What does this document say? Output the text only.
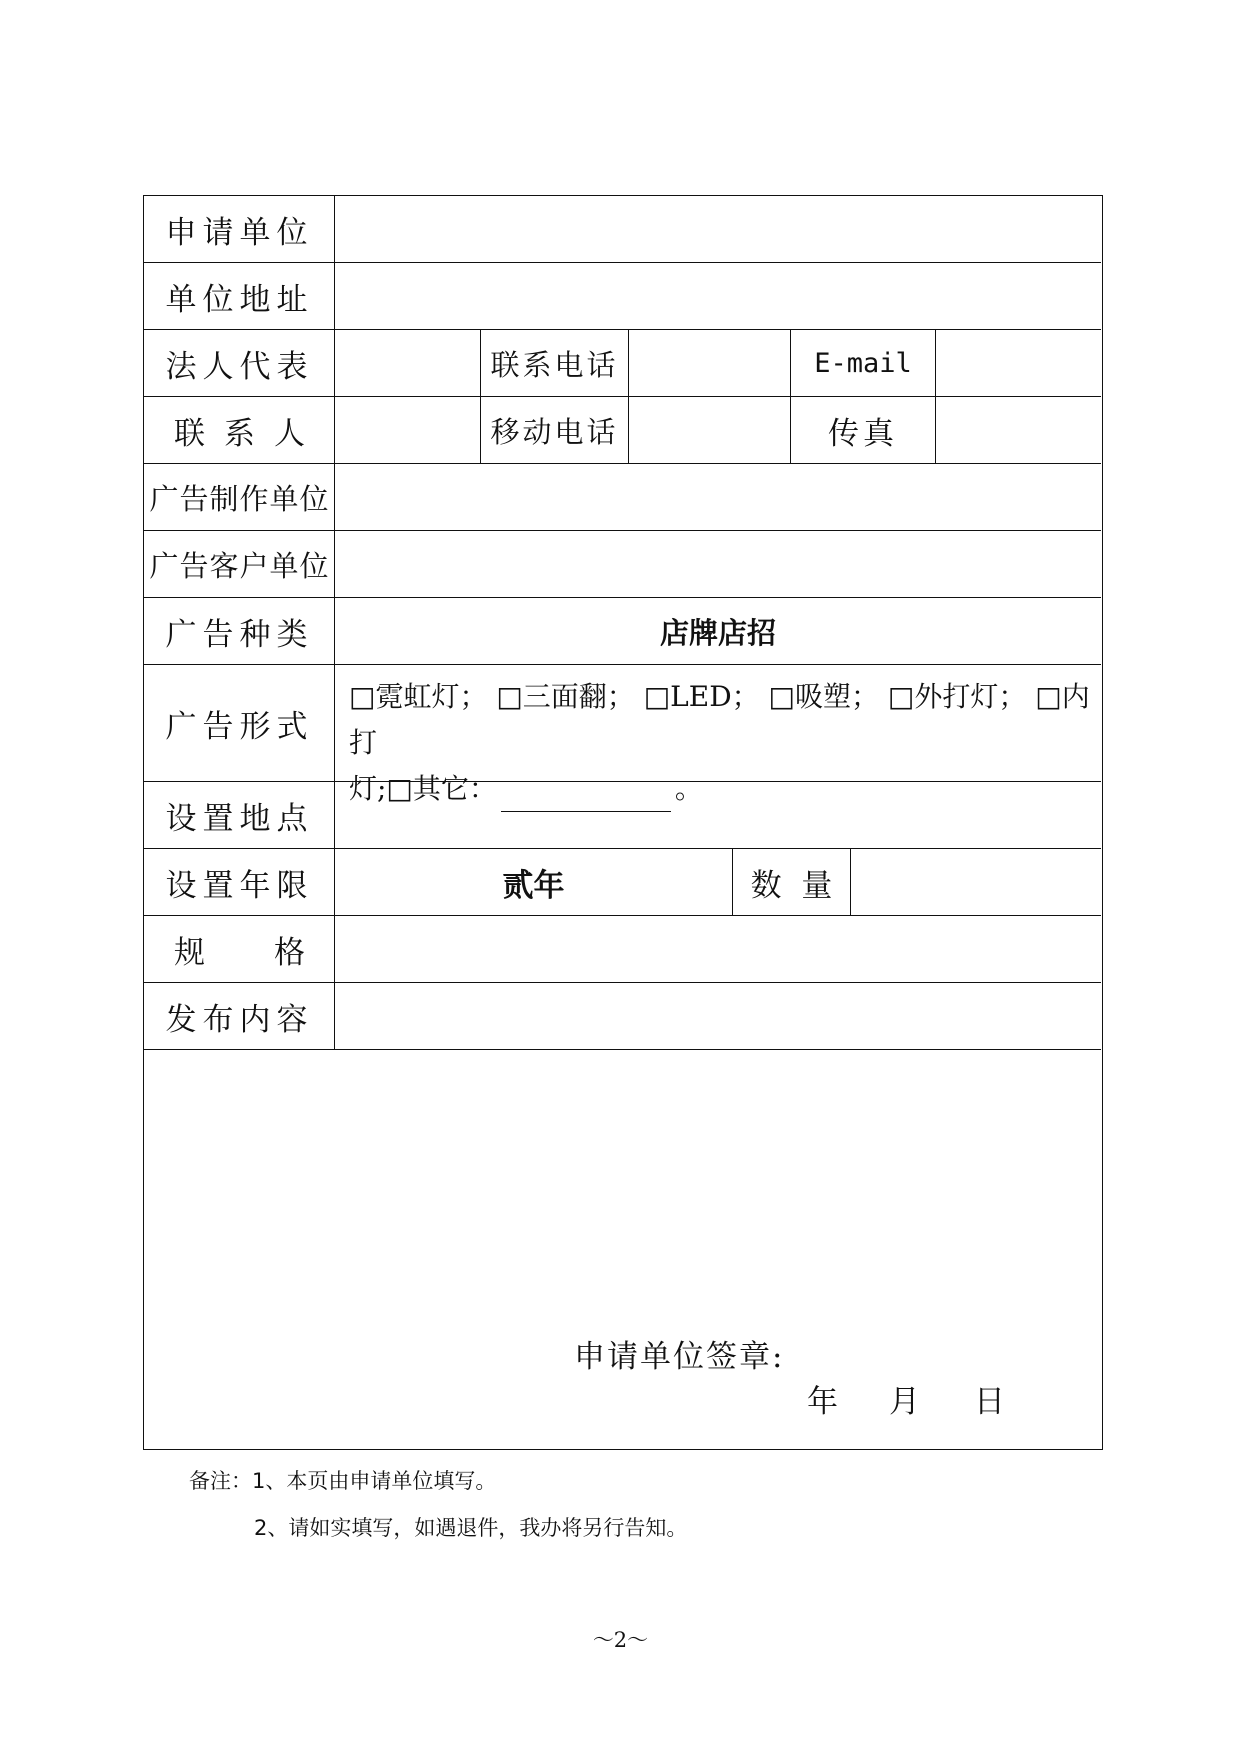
申请单位
单位地址
法人代表	联系电话	E-mail
联 系 人	移动电话	传真
广告制作单位
广告客户单位
广告种类	店牌店招
广告形式
□霓虹灯； □三面翻； □LED； □吸塑； □外打灯； □内打
灯;□其它：	。
设置地点
设置年限	贰年	数  量
规 格
发布内容
申请单位签章:
年 月 日
备注：1、本页由申请单位填写。
2、请如实填写，如遇退件，我办将另行告知。
～2～
